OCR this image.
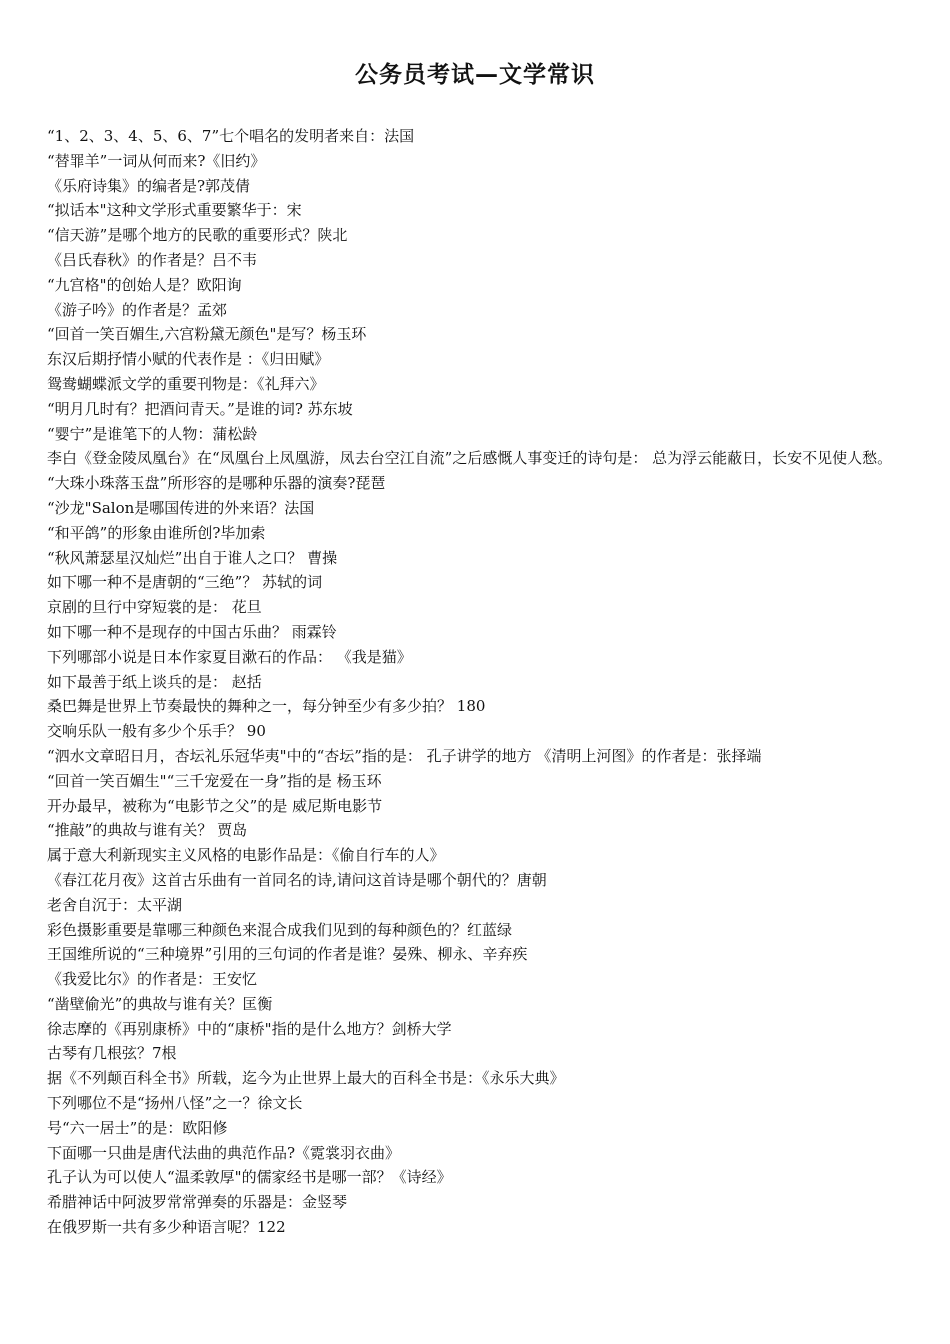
公务员考试—文学常识
“1、2、3、4、5、6、7”七个唱名的发明者来自：法国
“替罪羊”一词从何而来?《旧约》
《乐府诗集》的编者是?郭茂倩
“拟话本"这种文学形式重要繁华于：宋
“信天游”是哪个地方的民歌的重要形式？陕北
《吕氏春秋》的作者是？吕不韦
“九宫格"的创始人是？欧阳询
《游子吟》的作者是？孟郊
“回首一笑百媚生,六宫粉黛无颜色"是写？杨玉环
东汉后期抒情小赋的代表作是 ：《归田赋》
鸳鸯蝴蝶派文学的重要刊物是：《礼拜六》
“明月几时有？把酒问青天。”是谁的词? 苏东坡
“婴宁”是谁笔下的人物：蒲松龄
李白《登金陵凤凰台》在“凤凰台上凤凰游，凤去台空江自流”之后感慨人事变迁的诗句是： 总为浮云能蔽日，长安不见使人愁。
“大珠小珠落玉盘”所形容的是哪种乐器的演奏?琵琶
“沙龙"Salon是哪国传进的外来语？法国
“和平鸽”的形象由谁所创?毕加索
“秋风萧瑟星汉灿烂”出自于谁人之口？ 曹操
如下哪一种不是唐朝的“三绝”？ 苏轼的词
京剧的旦行中穿短裳的是： 花旦
如下哪一种不是现存的中国古乐曲？ 雨霖铃
下列哪部小说是日本作家夏目漱石的作品： 《我是猫》
如下最善于纸上谈兵的是： 赵括
桑巴舞是世界上节奏最快的舞种之一，每分钟至少有多少拍？ 180
交响乐队一般有多少个乐手？ 90
“泗水文章昭日月，杏坛礼乐冠华夷"中的“杏坛”指的是： 孔子讲学的地方 《清明上河图》的作者是：张择端
“回首一笑百媚生"“三千宠爱在一身”指的是 杨玉环
开办最早，被称为“电影节之父”的是 威尼斯电影节
“推敲”的典故与谁有关？ 贾岛
属于意大利新现实主义风格的电影作品是：《偷自行车的人》
《春江花月夜》这首古乐曲有一首同名的诗,请问这首诗是哪个朝代的？唐朝
老舍自沉于：太平湖
彩色摄影重要是靠哪三种颜色来混合成我们见到的每种颜色的？红蓝绿
王国维所说的“三种境界”引用的三句词的作者是谁？晏殊、柳永、辛弃疾
《我爱比尔》的作者是：王安忆
“凿壁偷光”的典故与谁有关？匡衡
徐志摩的《再别康桥》中的“康桥"指的是什么地方？剑桥大学
古琴有几根弦？7根
据《不列颠百科全书》所载，迄今为止世界上最大的百科全书是：《永乐大典》
下列哪位不是“扬州八怪”之一？徐文长
号“六一居士”的是：欧阳修
下面哪一只曲是唐代法曲的典范作品?《霓裳羽衣曲》
孔子认为可以使人“温柔敦厚"的儒家经书是哪一部？《诗经》
希腊神话中阿波罗常常弹奏的乐器是：金竖琴
在俄罗斯一共有多少种语言呢？122
